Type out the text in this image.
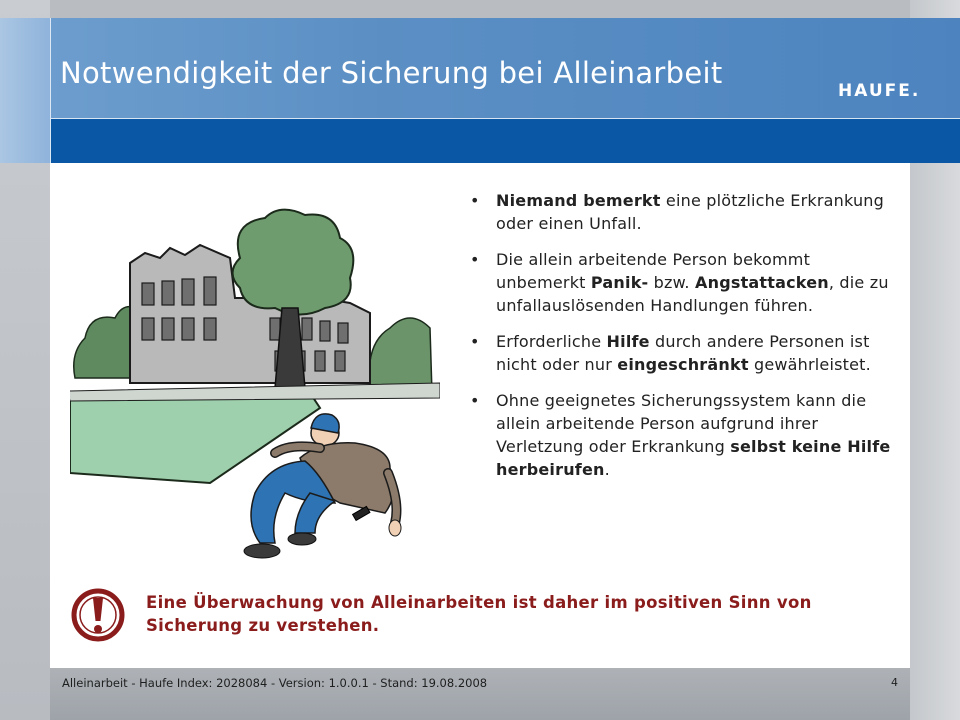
Notwendigkeit der Sicherung bei Alleinarbeit
HAUFE.
• Niemand bemerkt eine plötzliche Erkrankung oder einen Unfall.
• Die allein arbeitende Person bekommt unbemerkt Panik- bzw. Angstattacken, die zu unfallauslösenden Handlungen führen.
• Erforderliche Hilfe durch andere Personen ist nicht oder nur eingeschränkt gewährleistet.
• Ohne geeignetes Sicherungssystem kann die allein arbeitende Person aufgrund ihrer Verletzung oder Erkrankung selbst keine Hilfe herbeirufen.
Eine Überwachung von Alleinarbeiten ist daher im positiven Sinn von Sicherung zu verstehen.
Alleinarbeit - Haufe Index: 2028084 - Version: 1.0.0.1 - Stand: 19.08.2008	4
